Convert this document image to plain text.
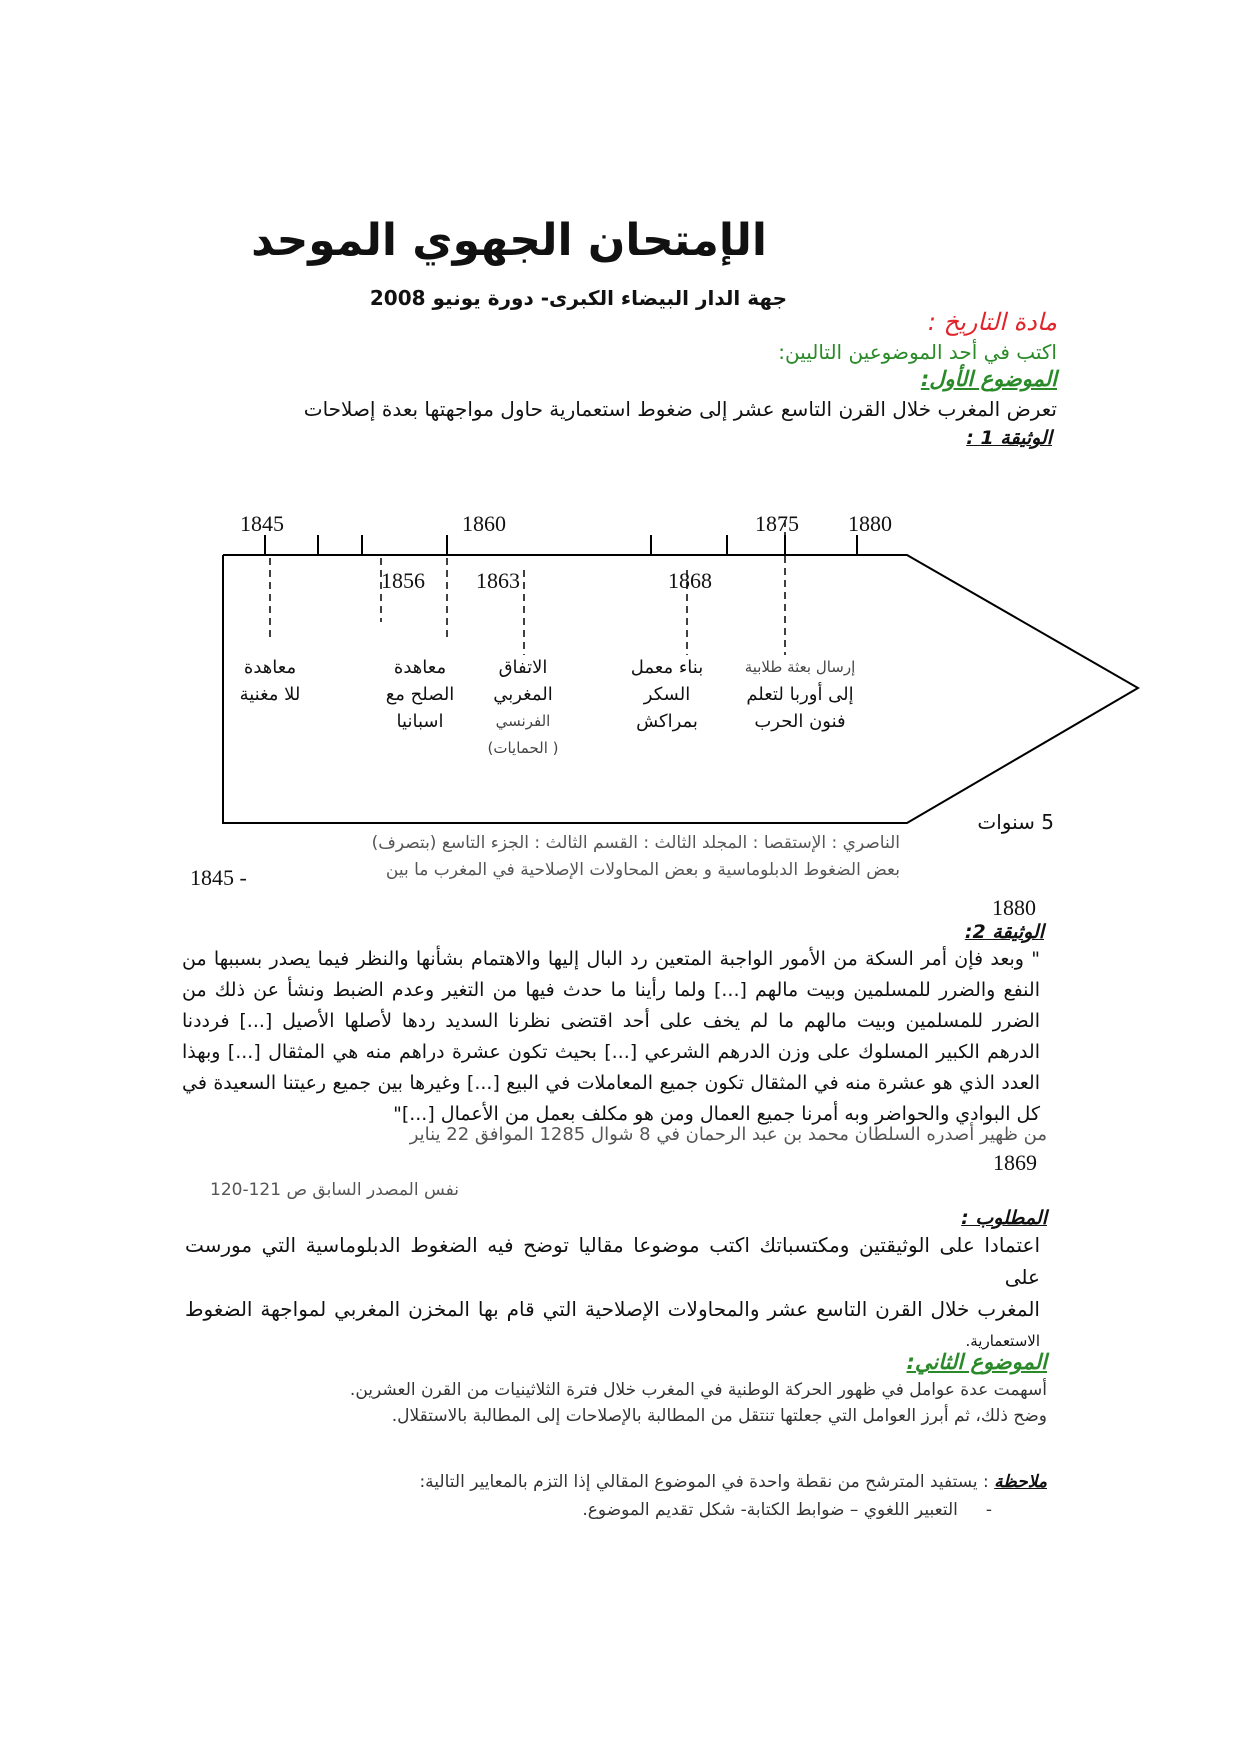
الإمتحان الجهوي الموحد
جهة الدار البيضاء الكبرى- دورة يونيو 2008
مادة التاريخ :
اكتب في أحد الموضوعين التاليين:
الموضوع الأول:
تعرض المغرب خلال القرن التاسع عشر إلى ضغوط استعمارية حاول مواجهتها بعدة إصلاحات
الوثيقة 1 :
1845	1860	1875 1880
1856 1863	1868
معاهدة
للا مغنية
معاهدة
الصلح مع
اسبانيا
الاتفاق
المغربي
الفرنسي
( الحمايات)
بناء معمل
السكر
بمراكش
إرسال بعثة طلابية
إلى أوربا لتعلم
فنون الحرب
5 سنوات
الناصري : الإستقصا : المجلد الثالث : القسم الثالث : الجزء التاسع (بتصرف)
بعض الضغوط الدبلوماسية و بعض المحاولات الإصلاحية في المغرب ما بين
1845 -
1880
الوثيقة 2:
" وبعد فإن أمر السكة من الأمور الواجبة المتعين رد البال إليها والاهتمام بشأنها والنظر فيما يصدر بسببها من
النفع والضرر للمسلمين وبيت مالهم [...] ولما رأينا ما حدث فيها من التغير وعدم الضبط ونشأ عن ذلك من
الضرر للمسلمين وبيت مالهم ما لم يخف على أحد اقتضى نظرنا السديد ردها لأصلها الأصيل [...] فرددنا
الدرهم الكبير المسلوك على وزن الدرهم الشرعي [...] بحيث تكون عشرة دراهم منه هي المثقال [...] وبهذا
العدد الذي هو عشرة منه في المثقال تكون جميع المعاملات في البيع [...] وغيرها بين جميع رعيتنا السعيدة في
كل البوادي والحواضر وبه أمرنا جميع العمال ومن هو مكلف بعمل من الأعمال [...]"
من ظهير أصدره السلطان محمد بن عبد الرحمان في 8 شوال 1285 الموافق 22 يناير
1869
نفس المصدر السابق ص 121-120
المطلوب :
اعتمادا على الوثيقتين ومكتسباتك اكتب موضوعا مقاليا توضح فيه الضغوط الدبلوماسية التي مورست على
المغرب خلال القرن التاسع عشر والمحاولات الإصلاحية التي قام بها المخزن المغربي لمواجهة الضغوط
الاستعمارية.
الموضوع الثاني:
أسهمت عدة عوامل في ظهور الحركة الوطنية في المغرب خلال فترة الثلاثينيات من القرن العشرين.
وضح ذلك، ثم أبرز العوامل التي جعلتها تنتقل من المطالبة بالإصلاحات إلى المطالبة بالاستقلال.
ملاحظة : يستفيد المترشح من نقطة واحدة في الموضوع المقالي إذا التزم بالمعايير التالية:
-التعبير اللغوي – ضوابط الكتابة- شكل تقديم الموضوع.
